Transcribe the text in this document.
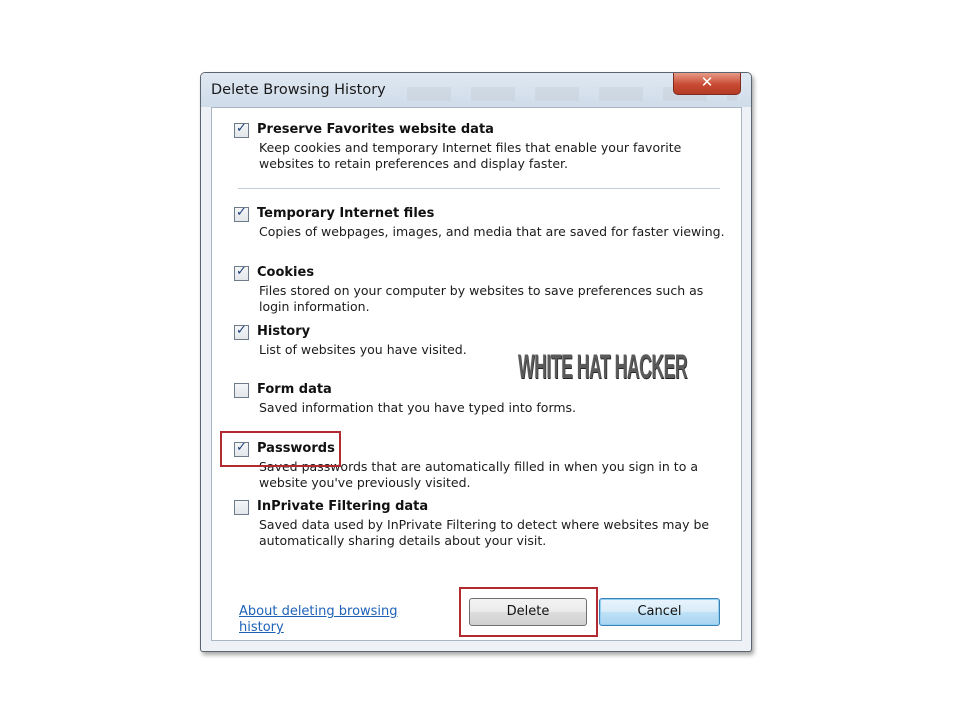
Delete Browsing History	✕
✓ Preserve Favorites website data
Keep cookies and temporary Internet files that enable your favorite websites to retain preferences and display faster.
✓ Temporary Internet files
Copies of webpages, images, and media that are saved for faster viewing.
✓ Cookies
Files stored on your computer by websites to save preferences such as login information.
✓ History
List of websites you have visited.
Form data
Saved information that you have typed into forms.
✓ Passwords
Saved passwords that are automatically filled in when you sign in to a website you've previously visited.
InPrivate Filtering data
Saved data used by InPrivate Filtering to detect where websites may be automatically sharing details about your visit.
WHITE HAT HACKER
About deleting browsing history
Delete	Cancel
